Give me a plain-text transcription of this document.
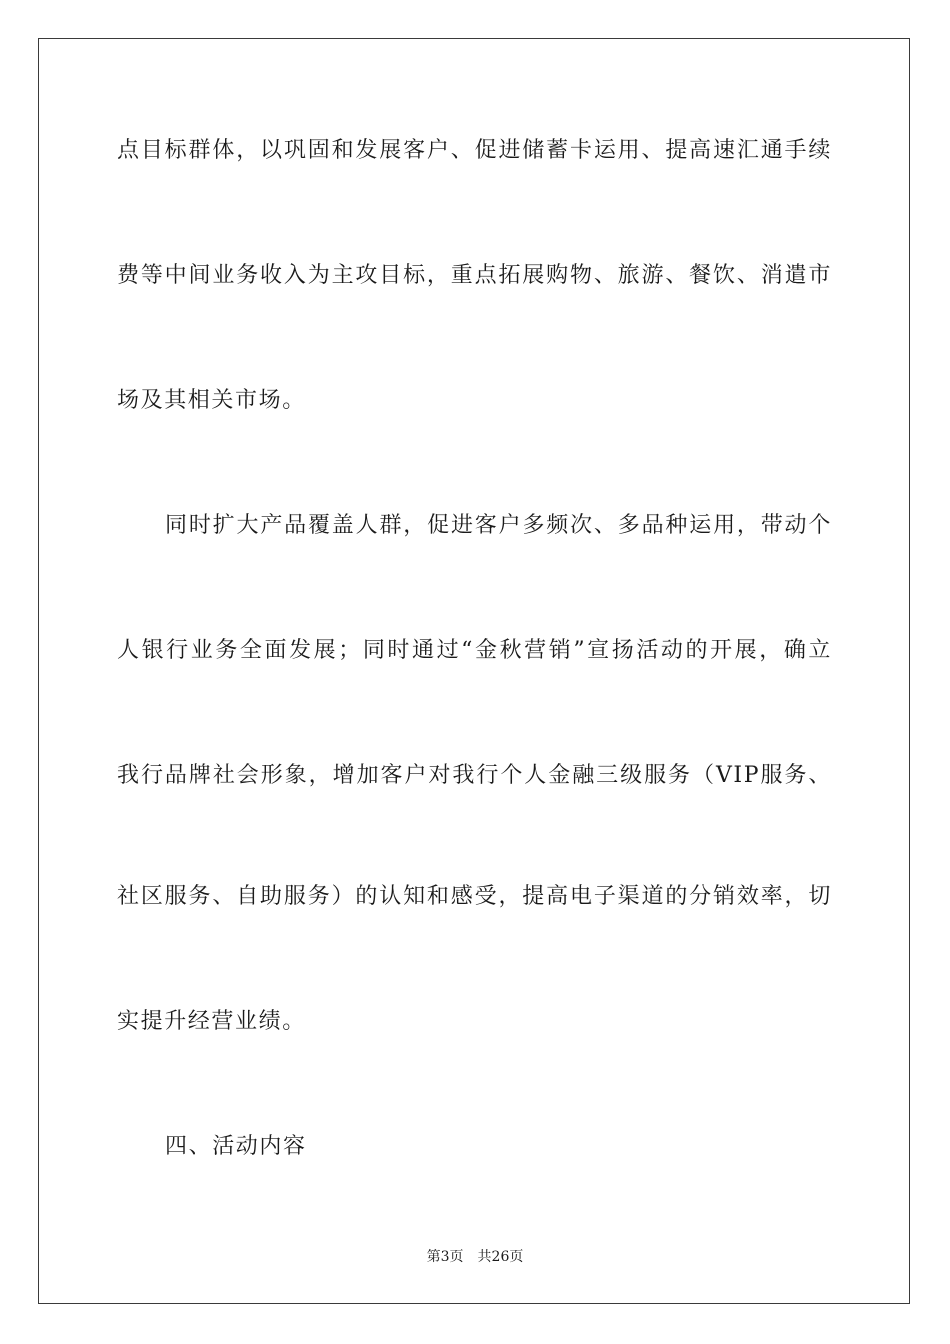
点目标群体，以巩固和发展客户、促进储蓄卡运用、提高速汇通手续
费等中间业务收入为主攻目标，重点拓展购物、旅游、餐饮、消遣市
场及其相关市场。
同时扩大产品覆盖人群，促进客户多频次、多品种运用，带动个
人银行业务全面发展；同时通过“金秋营销”宣扬活动的开展，确立
我行品牌社会形象，增加客户对我行个人金融三级服务（VIP服务、
社区服务、自助服务）的认知和感受，提高电子渠道的分销效率，切
实提升经营业绩。
四、活动内容
第3页 共26页
